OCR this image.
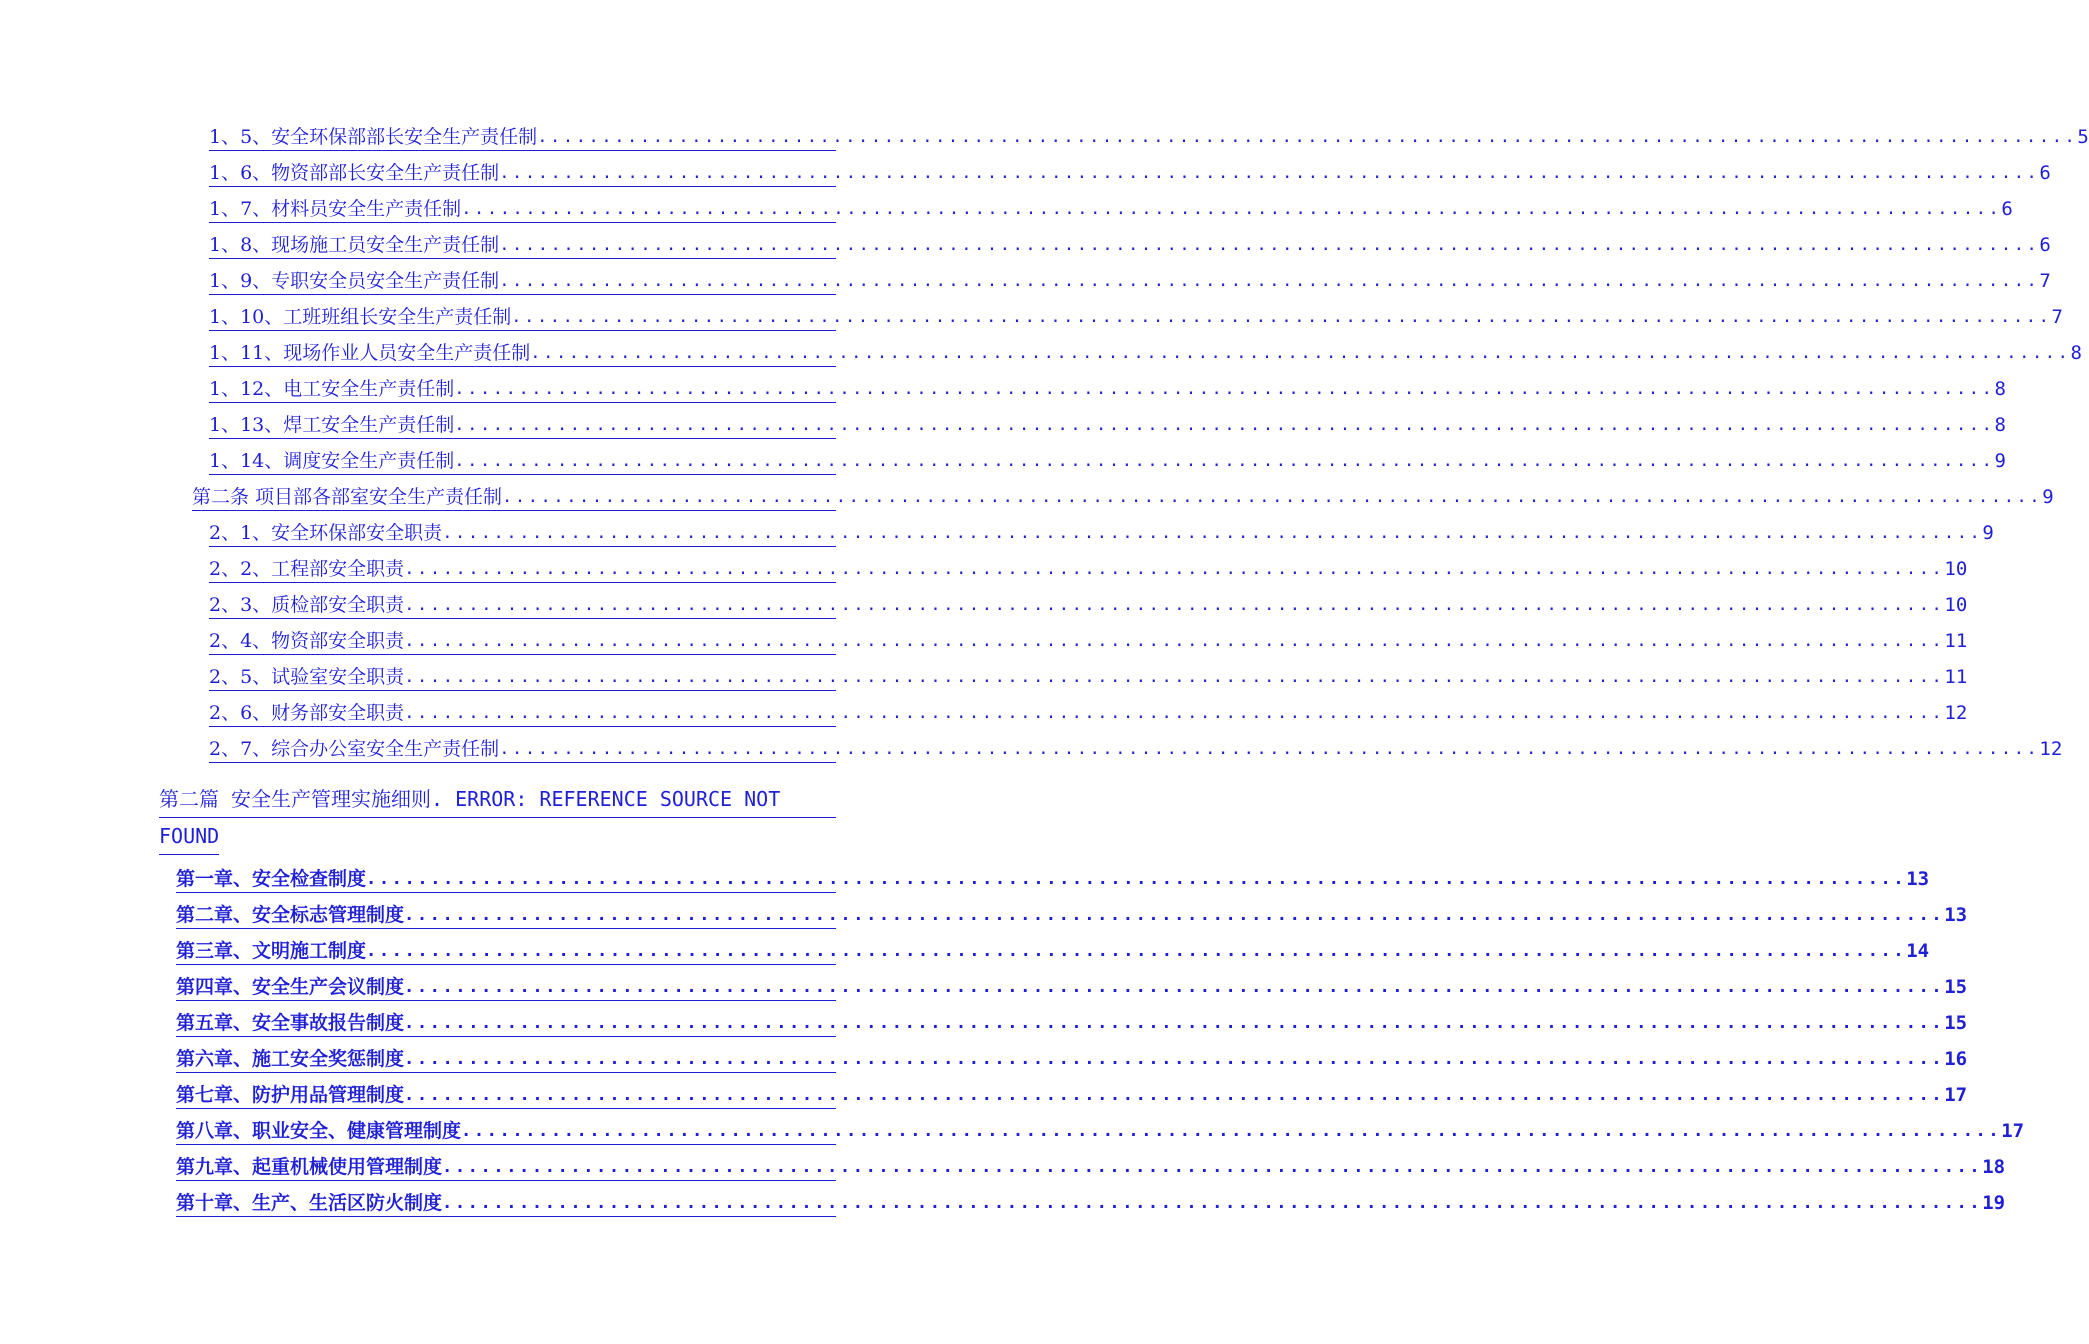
1、5、安全环保部部长安全生产责任制 ........................................................................................................................ 5
1、6、物资部部长安全生产责任制 ........................................................................................................................ 6
1、7、材料员安全生产责任制 ........................................................................................................................ 6
1、8、现场施工员安全生产责任制 ........................................................................................................................ 6
1、9、专职安全员安全生产责任制 ........................................................................................................................ 7
1、10、工班班组长安全生产责任制 ........................................................................................................................ 7
1、11、现场作业人员安全生产责任制 ........................................................................................................................ 8
1、12、电工安全生产责任制 ........................................................................................................................ 8
1、13、焊工安全生产责任制 ........................................................................................................................ 8
1、14、调度安全生产责任制 ........................................................................................................................ 9
第二条 项目部各部室安全生产责任制 ........................................................................................................................ 9
2、1、安全环保部安全职责 ........................................................................................................................ 9
2、2、工程部安全职责 ........................................................................................................................ 10
2、3、质检部安全职责 ........................................................................................................................ 10
2、4、物资部安全职责 ........................................................................................................................ 11
2、5、试验室安全职责 ........................................................................................................................ 11
2、6、财务部安全职责 ........................................................................................................................ 12
2、7、综合办公室安全生产责任制 ........................................................................................................................ 12
第二篇 安全生产管理实施细则. ERROR: REFERENCE SOURCE NOT
FOUND
第一章、安全检查制度 ........................................................................................................................ 13
第二章、安全标志管理制度 ........................................................................................................................ 13
第三章、文明施工制度 ........................................................................................................................ 14
第四章、安全生产会议制度 ........................................................................................................................ 15
第五章、安全事故报告制度 ........................................................................................................................ 15
第六章、施工安全奖惩制度 ........................................................................................................................ 16
第七章、防护用品管理制度 ........................................................................................................................ 17
第八章、职业安全、健康管理制度 ........................................................................................................................ 17
第九章、起重机械使用管理制度 ........................................................................................................................ 18
第十章、生产、生活区防火制度 ........................................................................................................................ 19
